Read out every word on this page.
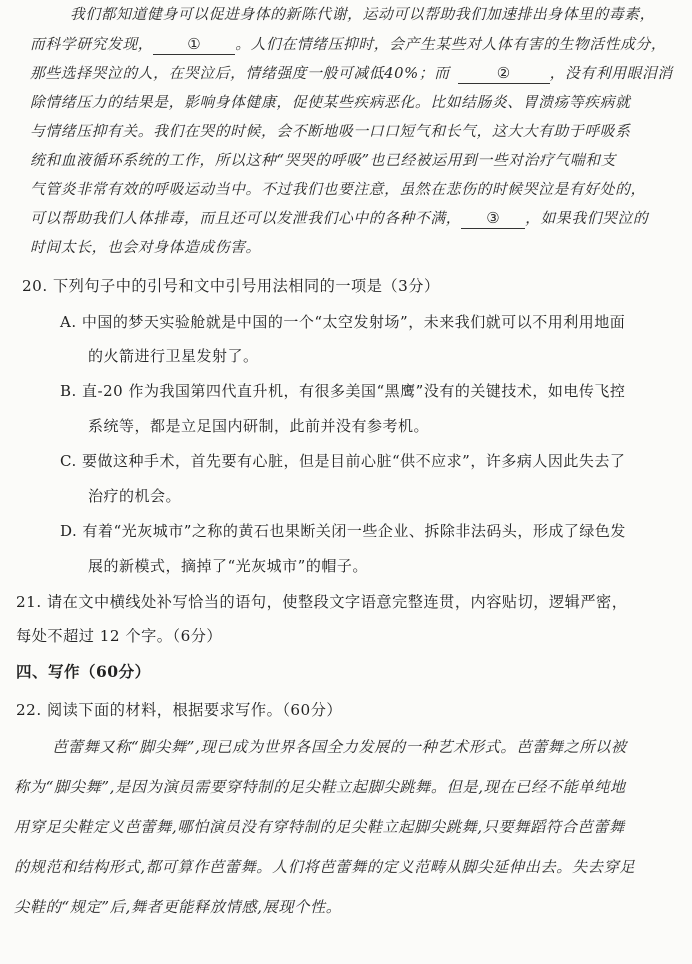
我们都知道健身可以促进身体的新陈代谢，运动可以帮助我们加速排出身体里的毒素，
而科学研究发现， ① 。人们在情绪压抑时，会产生某些对人体有害的生物活性成分，
那些选择哭泣的人，在哭泣后，情绪强度一般可减低40%；而	②	，没有利用眼泪消
除情绪压力的结果是，影响身体健康，促使某些疾病恶化。比如结肠炎、胃溃疡等疾病就
与情绪压抑有关。我们在哭的时候，会不断地吸一口口短气和长气，这大大有助于呼吸系
统和血液循环系统的工作，所以这种“哭哭的呼吸”也已经被运用到一些对治疗气喘和支
气管炎非常有效的呼吸运动当中。不过我们也要注意，虽然在悲伤的时候哭泣是有好处的，
可以帮助我们人体排毒，而且还可以发泄我们心中的各种不满， ③ ，如果我们哭泣的
时间太长，也会对身体造成伤害。
20. 下列句子中的引号和文中引号用法相同的一项是（3分）
A. 中国的梦天实验舱就是中国的一个“太空发射场”，未来我们就可以不用利用地面
的火箭进行卫星发射了。
B. 直-20 作为我国第四代直升机，有很多美国“黑鹰”没有的关键技术，如电传飞控
系统等，都是立足国内研制，此前并没有参考机。
C. 要做这种手术，首先要有心脏，但是目前心脏“供不应求”，许多病人因此失去了
治疗的机会。
D. 有着“光灰城市”之称的黄石也果断关闭一些企业、拆除非法码头，形成了绿色发
展的新模式，摘掉了“光灰城市”的帽子。
21. 请在文中横线处补写恰当的语句，使整段文字语意完整连贯，内容贴切，逻辑严密，
每处不超过 12 个字。（6分）
四、写作（60分）
22. 阅读下面的材料，根据要求写作。（60分）
芭蕾舞又称“脚尖舞”,现已成为世界各国全力发展的一种艺术形式。芭蕾舞之所以被
称为“脚尖舞”,是因为演员需要穿特制的足尖鞋立起脚尖跳舞。但是,现在已经不能单纯地
用穿足尖鞋定义芭蕾舞,哪怕演员没有穿特制的足尖鞋立起脚尖跳舞,只要舞蹈符合芭蕾舞
的规范和结构形式,都可算作芭蕾舞。人们将芭蕾舞的定义范畴从脚尖延伸出去。失去穿足
尖鞋的“规定”后,舞者更能释放情感,展现个性。
